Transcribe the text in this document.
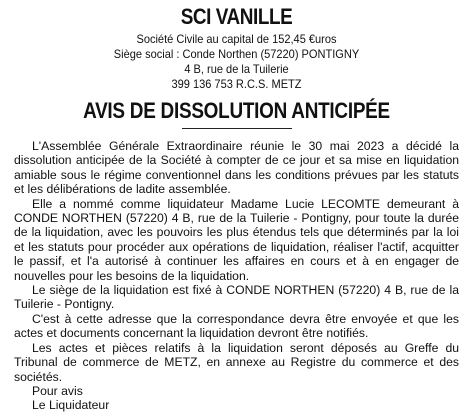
SCI VANILLE
Société Civile au capital de 152,45 €uros
Siège social : Conde Northen (57220) PONTIGNY
4 B, rue de la Tuilerie
399 136 753 R.C.S. METZ
AVIS DE DISSOLUTION ANTICIPÉE

L'Assemblée Générale Extraordinaire réunie le 30 mai 2023 a décidé la dissolution anticipée de la Société à compter de ce jour et sa mise en liquidation amiable sous le régime conventionnel dans les conditions prévues par les statuts et les délibérations de ladite assemblée.

Elle a nommé comme liquidateur Madame Lucie LECOMTE demeurant à CONDE NORTHEN (57220) 4 B, rue de la Tuilerie - Pontigny, pour toute la durée de la liquidation, avec les pouvoirs les plus étendus tels que déterminés par la loi et les statuts pour procéder aux opérations de liquidation, réaliser l'actif, acquitter le passif, et l'a autorisé à continuer les affaires en cours et à en engager de nouvelles pour les besoins de la liquidation.

Le siège de la liquidation est fixé à CONDE NORTHEN (57220) 4 B, rue de la Tuilerie - Pontigny.

C'est à cette adresse que la correspondance devra être envoyée et que les actes et documents concernant la liquidation devront être notifiés.

Les actes et pièces relatifs à la liquidation seront déposés au Greffe du Tribunal de commerce de METZ, en annexe au Registre du commerce et des sociétés.

Pour avis
Le Liquidateur
